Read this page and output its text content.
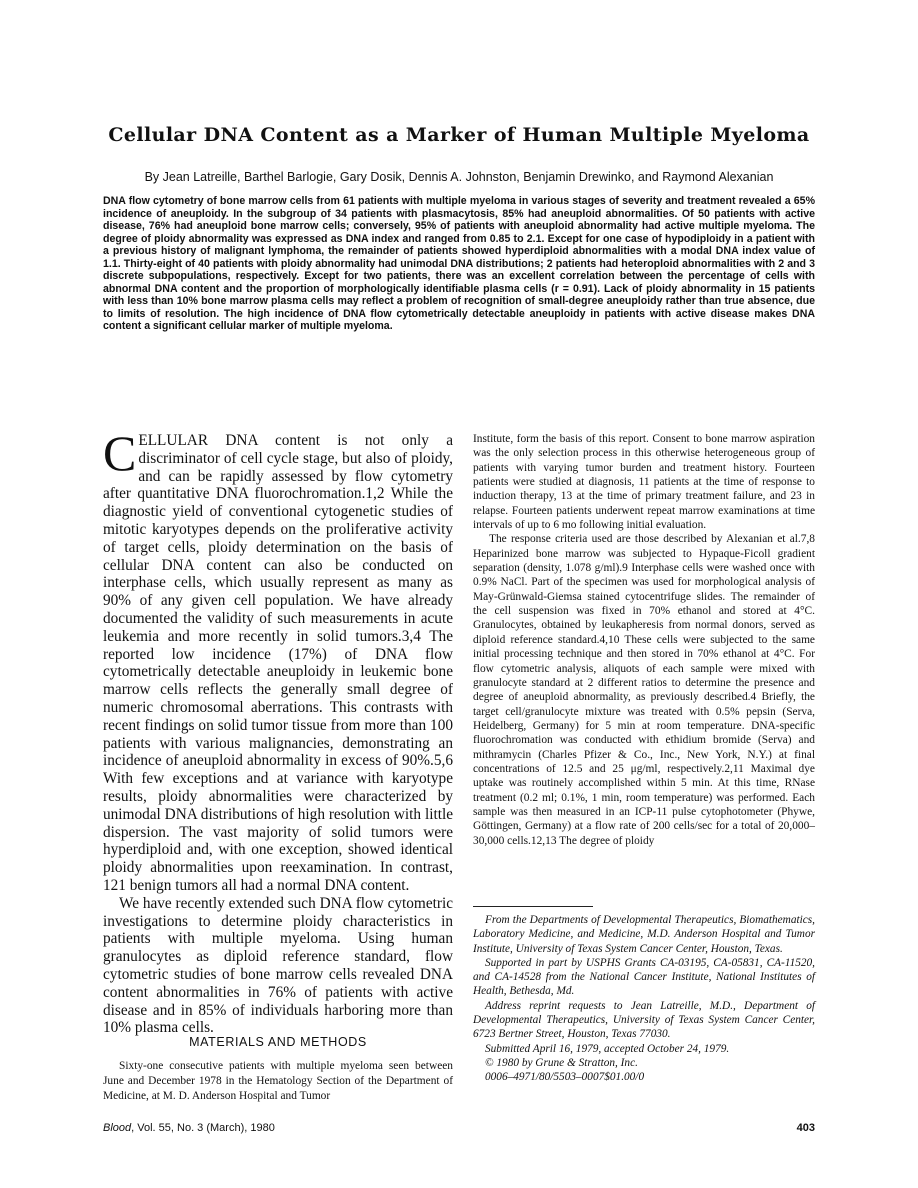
Cellular DNA Content as a Marker of Human Multiple Myeloma
By Jean Latreille, Barthel Barlogie, Gary Dosik, Dennis A. Johnston, Benjamin Drewinko, and Raymond Alexanian
DNA flow cytometry of bone marrow cells from 61 patients with multiple myeloma in various stages of severity and treatment revealed a 65% incidence of aneuploidy. In the subgroup of 34 patients with plasmacytosis, 85% had aneuploid abnormalities. Of 50 patients with active disease, 76% had aneuploid bone marrow cells; conversely, 95% of patients with aneuploid abnormality had active multiple myeloma. The degree of ploidy abnormality was expressed as DNA index and ranged from 0.85 to 2.1. Except for one case of hypodiploidy in a patient with a previous history of malignant lymphoma, the remainder of patients showed hyperdiploid abnormalities with a modal DNA index value of 1.1. Thirty-eight of 40 patients with ploidy abnormality had unimodal DNA distributions; 2 patients had heteroploid abnormalities with 2 and 3 discrete subpopulations, respectively. Except for two patients, there was an excellent correlation between the percentage of cells with abnormal DNA content and the proportion of morphologically identifiable plasma cells (r = 0.91). Lack of ploidy abnormality in 15 patients with less than 10% bone marrow plasma cells may reflect a problem of recognition of small-degree aneuploidy rather than true absence, due to limits of resolution. The high incidence of DNA flow cytometrically detectable aneuploidy in patients with active disease makes DNA content a significant cellular marker of multiple myeloma.

CELLULAR DNA content is not only a discriminator of cell cycle stage, but also of ploidy, and can be rapidly assessed by flow cytometry after quantitative DNA fluorochromation.1,2 While the diagnostic yield of conventional cytogenetic studies of mitotic karyotypes depends on the proliferative activity of target cells, ploidy determination on the basis of cellular DNA content can also be conducted on interphase cells, which usually represent as many as 90% of any given cell population. We have already documented the validity of such measurements in acute leukemia and more recently in solid tumors.3,4 The reported low incidence (17%) of DNA flow cytometrically detectable aneuploidy in leukemic bone marrow cells reflects the generally small degree of numeric chromosomal aberrations. This contrasts with recent findings on solid tumor tissue from more than 100 patients with various malignancies, demonstrating an incidence of aneuploid abnormality in excess of 90%.5,6 With few exceptions and at variance with karyotype results, ploidy abnormalities were characterized by unimodal DNA distributions of high resolution with little dispersion. The vast majority of solid tumors were hyperdiploid and, with one exception, showed identical ploidy abnormalities upon reexamination. In contrast, 121 benign tumors all had a normal DNA content.

We have recently extended such DNA flow cytometric investigations to determine ploidy characteristics in patients with multiple myeloma. Using human granulocytes as diploid reference standard, flow cytometric studies of bone marrow cells revealed DNA content abnormalities in 76% of patients with active disease and in 85% of individuals harboring more than 10% plasma cells.

MATERIALS AND METHODS

Sixty-one consecutive patients with multiple myeloma seen between June and December 1978 in the Hematology Section of the Department of Medicine, at M. D. Anderson Hospital and Tumor

Institute, form the basis of this report. Consent to bone marrow aspiration was the only selection process in this otherwise heterogeneous group of patients with varying tumor burden and treatment history. Fourteen patients were studied at diagnosis, 11 patients at the time of response to induction therapy, 13 at the time of primary treatment failure, and 23 in relapse. Fourteen patients underwent repeat marrow examinations at time intervals of up to 6 mo following initial evaluation.

The response criteria used are those described by Alexanian et al.7,8 Heparinized bone marrow was subjected to Hypaque-Ficoll gradient separation (density, 1.078 g/ml).9 Interphase cells were washed once with 0.9% NaCl. Part of the specimen was used for morphological analysis of May-Grünwald-Giemsa stained cytocentrifuge slides. The remainder of the cell suspension was fixed in 70% ethanol and stored at 4°C. Granulocytes, obtained by leukapheresis from normal donors, served as diploid reference standard.4,10 These cells were subjected to the same initial processing technique and then stored in 70% ethanol at 4°C. For flow cytometric analysis, aliquots of each sample were mixed with granulocyte standard at 2 different ratios to determine the presence and degree of aneuploid abnormality, as previously described.4 Briefly, the target cell/granulocyte mixture was treated with 0.5% pepsin (Serva, Heidelberg, Germany) for 5 min at room temperature. DNA-specific fluorochromation was conducted with ethidium bromide (Serva) and mithramycin (Charles Pfizer & Co., Inc., New York, N.Y.) at final concentrations of 12.5 and 25 μg/ml, respectively.2,11 Maximal dye uptake was routinely accomplished within 5 min. At this time, RNase treatment (0.2 ml; 0.1%, 1 min, room temperature) was performed. Each sample was then measured in an ICP-11 pulse cytophotometer (Phywe, Göttingen, Germany) at a flow rate of 200 cells/sec for a total of 20,000–30,000 cells.12,13 The degree of ploidy

From the Departments of Developmental Therapeutics, Biomathematics, Laboratory Medicine, and Medicine, M.D. Anderson Hospital and Tumor Institute, University of Texas System Cancer Center, Houston, Texas.

Supported in part by USPHS Grants CA-03195, CA-05831, CA-11520, and CA-14528 from the National Cancer Institute, National Institutes of Health, Bethesda, Md.

Address reprint requests to Jean Latreille, M.D., Department of Developmental Therapeutics, University of Texas System Cancer Center, 6723 Bertner Street, Houston, Texas 77030.

Submitted April 16, 1979, accepted October 24, 1979.

© 1980 by Grune & Stratton, Inc.

0006–4971/80/5503–0007$01.00/0

Blood, Vol. 55, No. 3 (March), 1980	403
